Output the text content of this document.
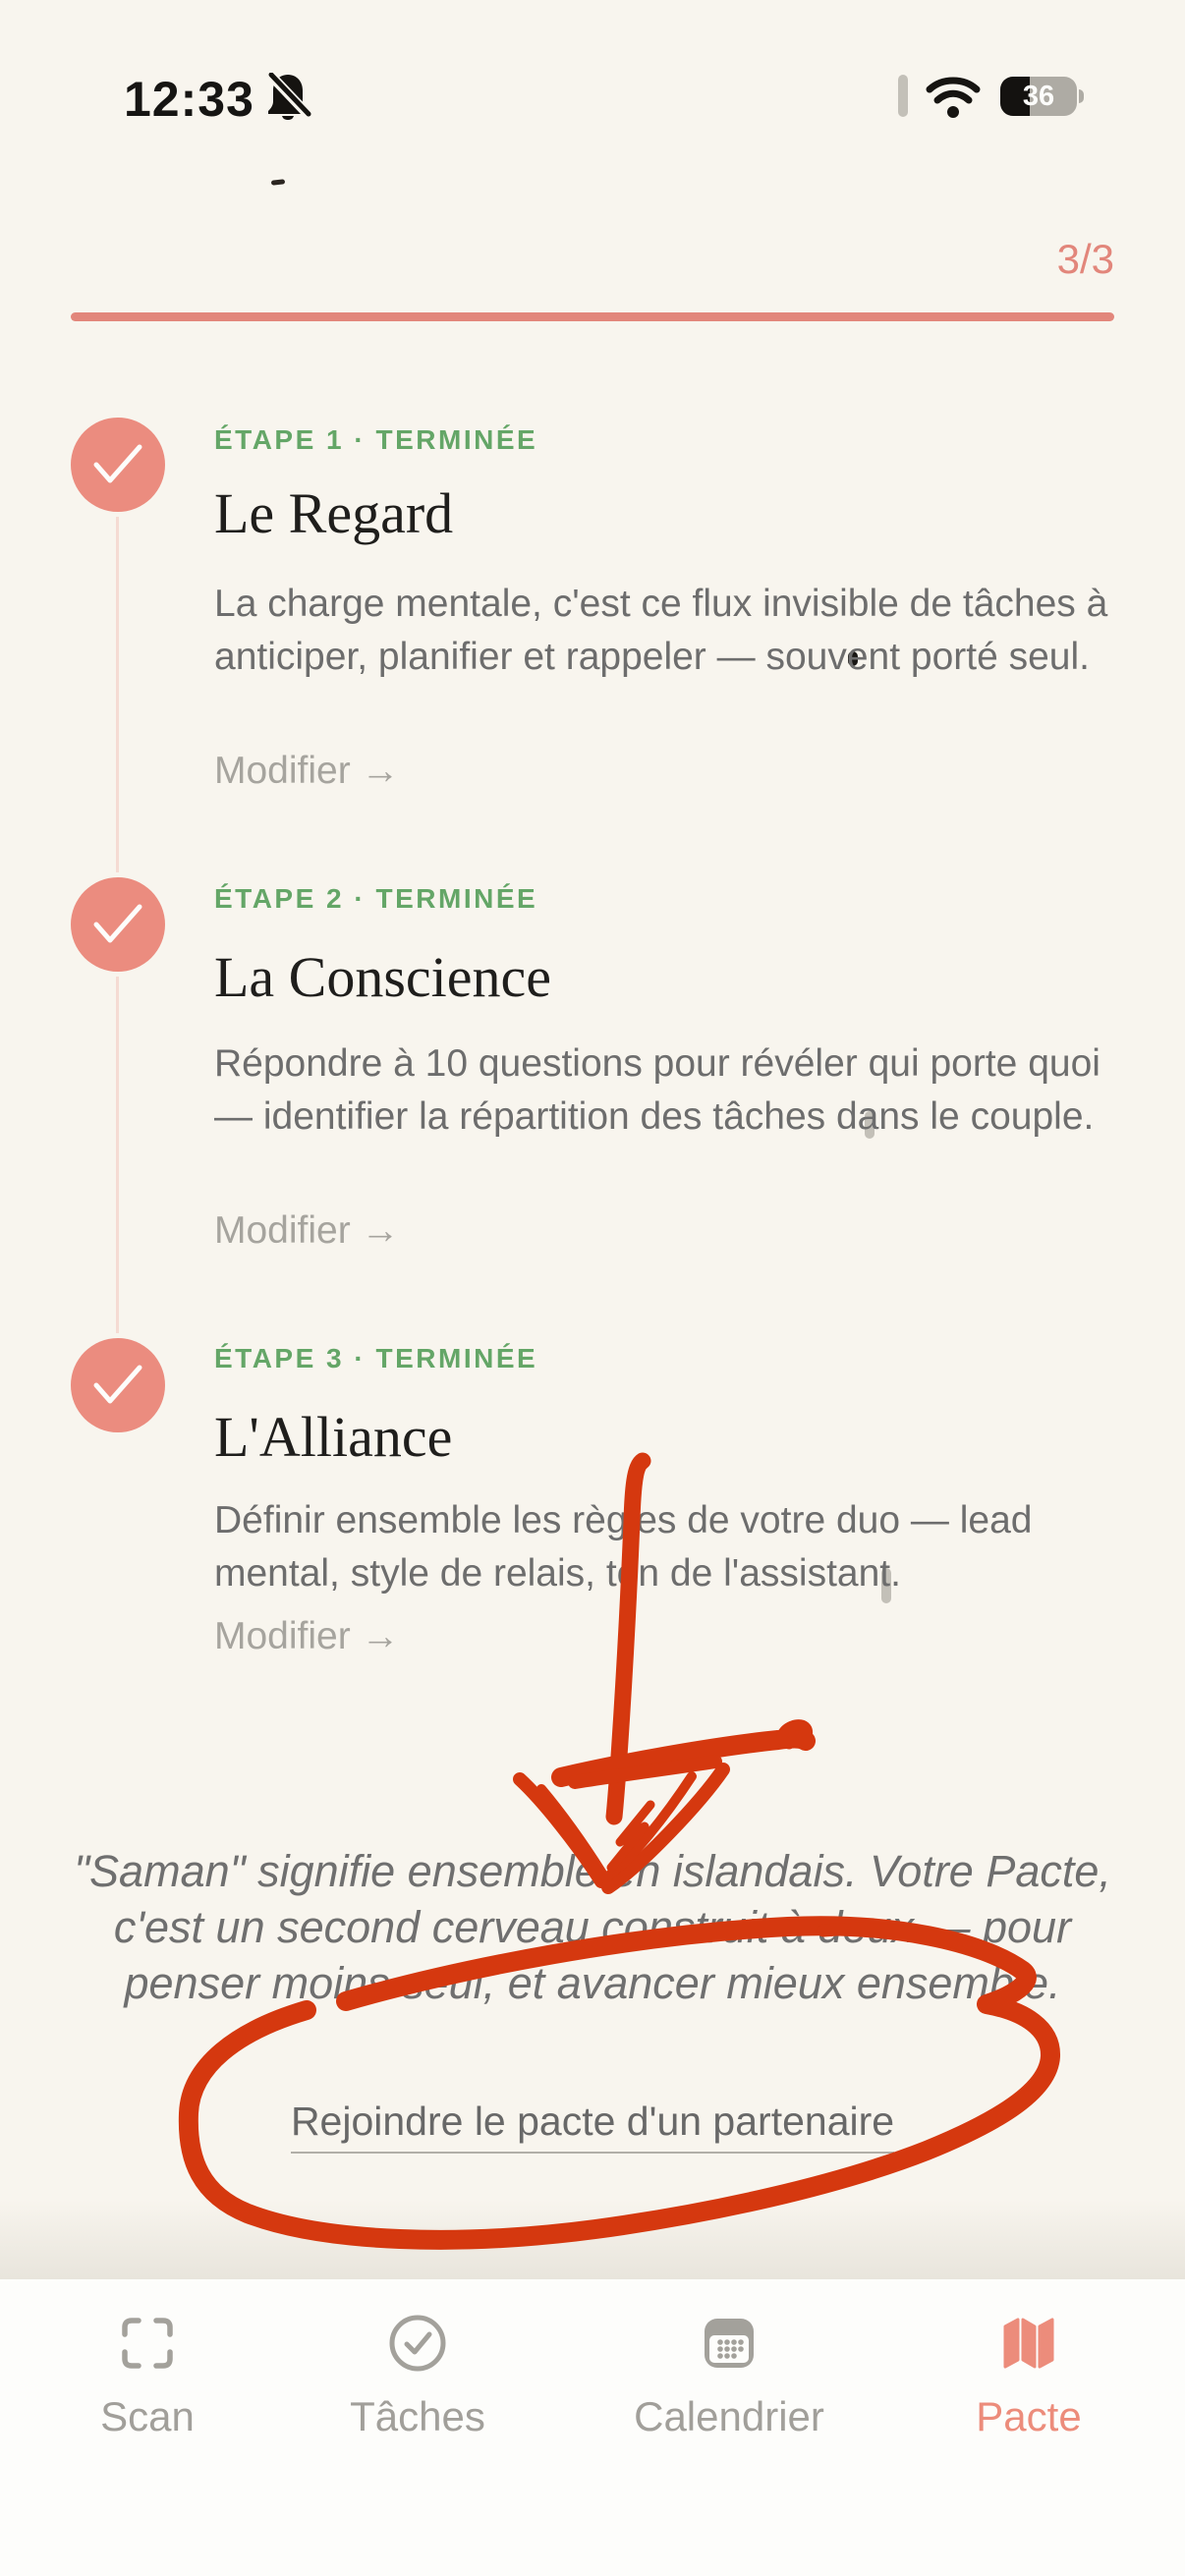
12:33	36
3/3
ÉTAPE 1 · TERMINÉE
Le Regard
La charge mentale, c'est ce flux invisible de tâches à anticiper, planifier et rappeler — souvent porté seul.
Modifier →
ÉTAPE 2 · TERMINÉE
La Conscience
Répondre à 10 questions pour révéler qui porte quoi — identifier la répartition des tâches dans le couple.
Modifier →
ÉTAPE 3 · TERMINÉE
L'Alliance
Définir ensemble les règles de votre duo — lead mental, style de relais, ton de l'assistant.
Modifier →
"Saman" signifie ensemble en islandais. Votre Pacte,
c'est un second cerveau construit à deux — pour
penser moins seul, et avancer mieux ensemble.
Rejoindre le pacte d'un partenaire
Scan	Tâches	Calendrier	Pacte
